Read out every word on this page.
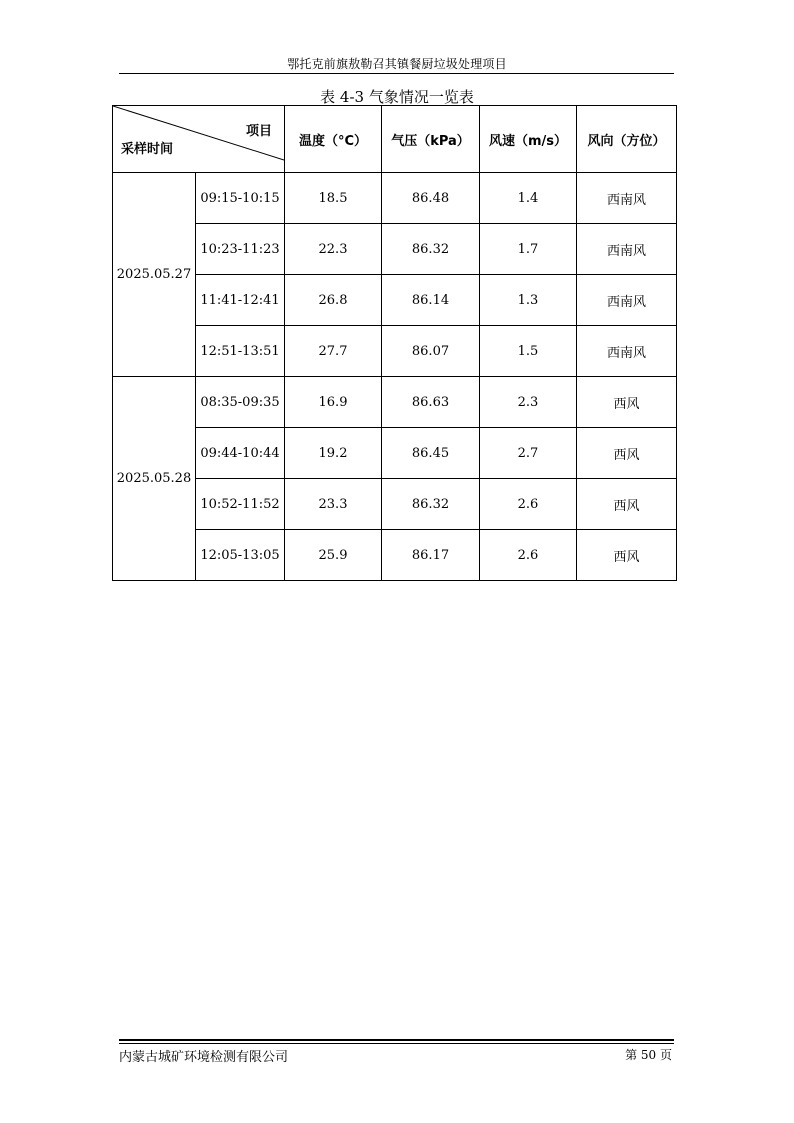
鄂托克前旗敖勒召其镇餐厨垃圾处理项目
表 4-3 气象情况一览表
项目
采样时间		温度（°C）	气压（kPa）	风速（m/s）	风向（方位）
2025.05.27	09:15-10:15	18.5	86.48	1.4	西南风
	10:23-11:23	22.3	86.32	1.7	西南风
	11:41-12:41	26.8	86.14	1.3	西南风
	12:51-13:51	27.7	86.07	1.5	西南风
2025.05.28	08:35-09:35	16.9	86.63	2.3	西风
	09:44-10:44	19.2	86.45	2.7	西风
	10:52-11:52	23.3	86.32	2.6	西风
	12:05-13:05	25.9	86.17	2.6	西风
内蒙古城矿环境检测有限公司	第 50 页
